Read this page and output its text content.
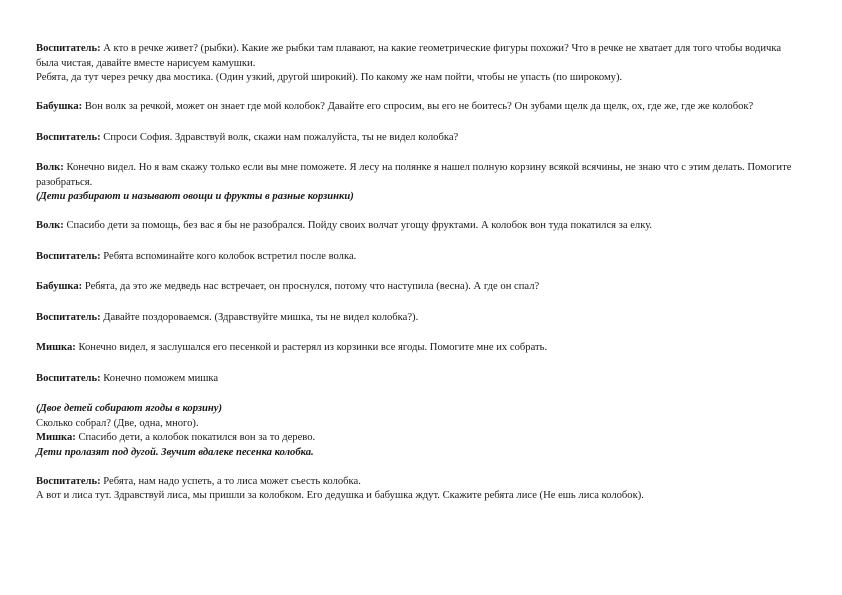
Воспитатель: А кто в речке живет? (рыбки). Какие же рыбки там плавают, на какие геометрические фигуры похожи? Что в речке не хватает для того чтобы водичка была чистая, давайте вместе нарисуем камушки.
Ребята, да тут через речку два мостика. (Один узкий, другой широкий). По какому же нам пойти, чтобы не упасть (по широкому).
Бабушка: Вон волк за речкой, может он знает где мой колобок? Давайте его спросим, вы его не боитесь? Он зубами щелк да щелк, ох, где же, где же колобок?
Воспитатель: Спроси София. Здравствуй волк, скажи нам пожалуйста, ты не видел колобка?
Волк: Конечно видел. Но я вам скажу только если вы мне поможете. Я лесу на полянке я нашел полную корзину всякой всячины, не знаю что с этим делать. Помогите разобраться.
(Дети разбирают и называют овощи и фрукты в разные корзинки)
Волк: Спасибо дети за помощь, без вас я бы не разобрался. Пойду своих волчат угощу фруктами. А колобок вон туда покатился за елку.
Воспитатель: Ребята вспоминайте кого колобок встретил после волка.
Бабушка: Ребята, да это же медведь нас встречает, он проснулся, потому что наступила (весна). А где он спал?
Воспитатель: Давайте поздороваемся. (Здравствуйте мишка, ты не видел колобка?).
Мишка: Конечно видел, я заслушался его песенкой и растерял из корзинки все ягоды. Помогите мне их собрать.
Воспитатель: Конечно поможем мишка
(Двое детей собирают ягоды в корзину)
Сколько собрал? (Две, одна, много).
Мишка: Спасибо дети, а колобок покатился вон за то дерево.
Дети пролазят под дугой. Звучит вдалеке песенка колобка.
Воспитатель: Ребята, нам надо успеть, а то лиса может съесть колобка.
А вот и лиса тут. Здравствуй лиса, мы пришли за колобком. Его дедушка и бабушка ждут. Скажите ребята лисе (Не ешь лиса колобок).
